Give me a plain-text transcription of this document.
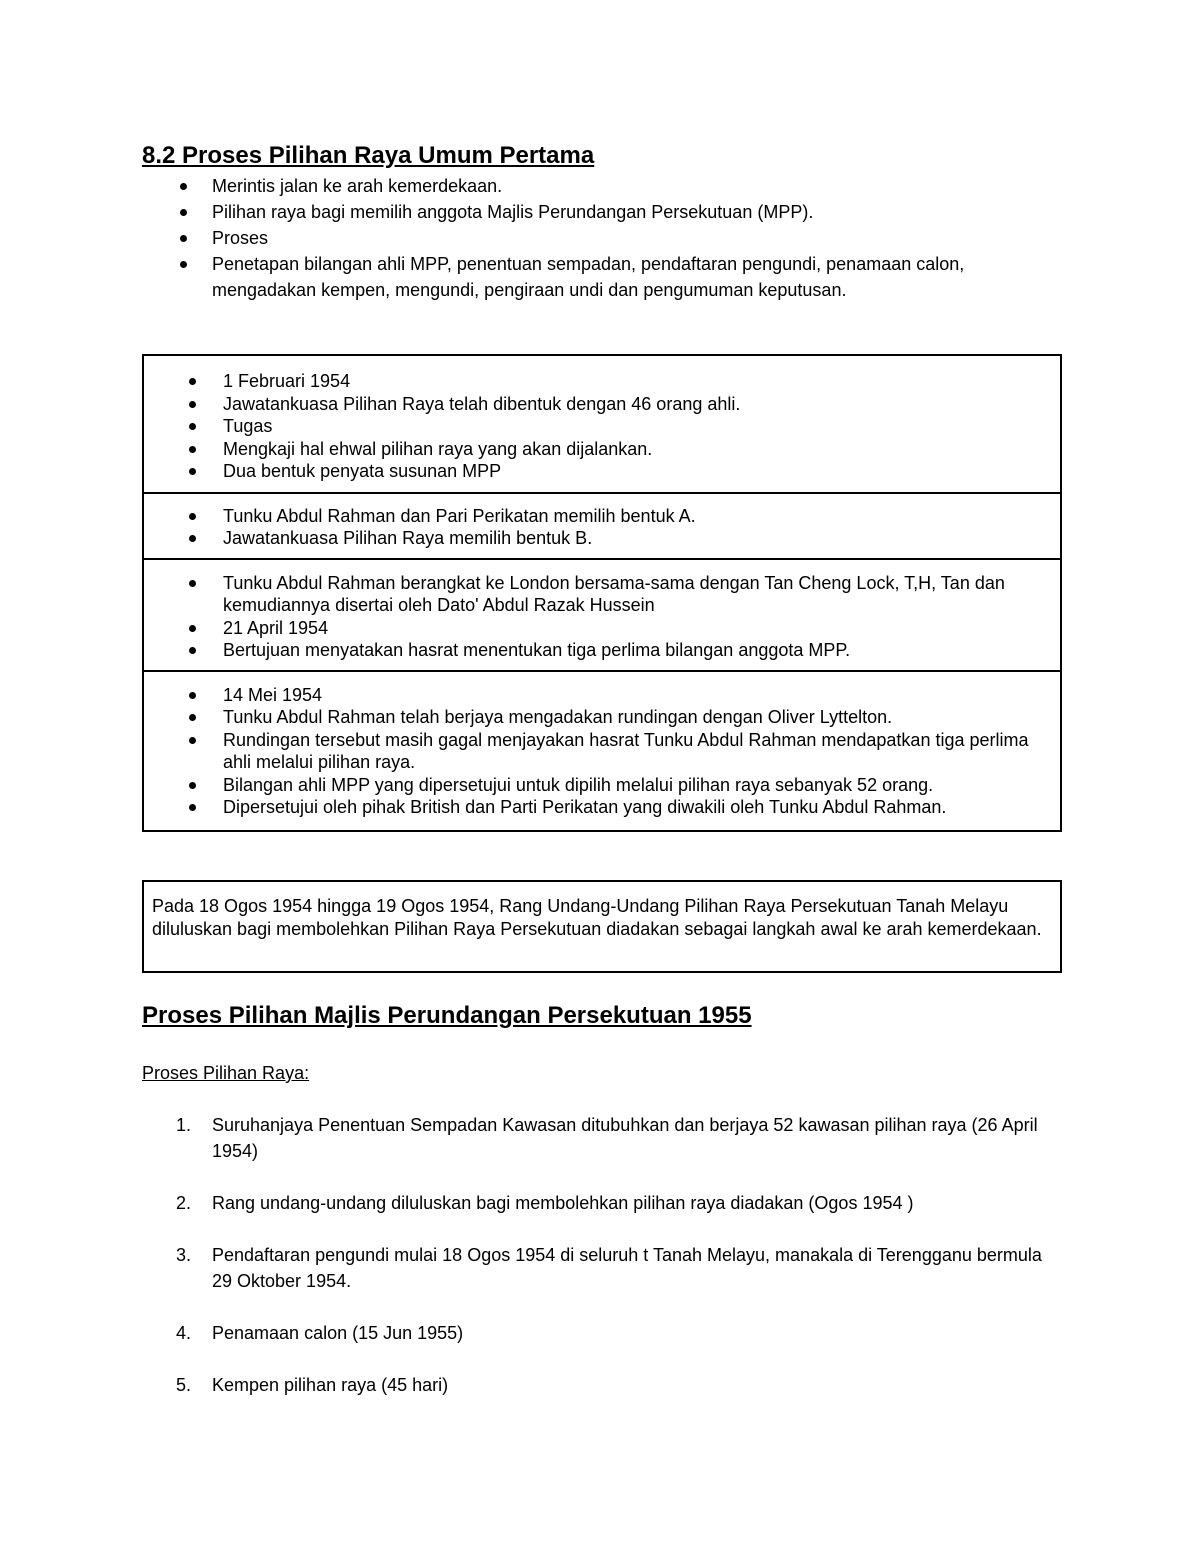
8.2 Proses Pilihan Raya Umum Pertama
Merintis jalan ke arah kemerdekaan.
Pilihan raya bagi memilih anggota Majlis Perundangan Persekutuan (MPP).
Proses
Penetapan bilangan ahli MPP, penentuan sempadan, pendaftaran pengundi, penamaan calon, mengadakan kempen, mengundi, pengiraan undi dan pengumuman keputusan.
1 Februari 1954
Jawatankuasa Pilihan Raya telah dibentuk dengan 46 orang ahli.
Tugas
Mengkaji hal ehwal pilihan raya yang akan dijalankan.
Dua bentuk penyata susunan MPP

Tunku Abdul Rahman dan Pari Perikatan memilih bentuk A.
Jawatankuasa Pilihan Raya memilih bentuk B.

Tunku Abdul Rahman berangkat ke London bersama-sama dengan Tan Cheng Lock, T,H, Tan dan kemudiannya disertai oleh Dato' Abdul Razak Hussein
21 April 1954
Bertujuan menyatakan hasrat menentukan tiga perlima bilangan anggota MPP.

14 Mei 1954
Tunku Abdul Rahman telah berjaya mengadakan rundingan dengan Oliver Lyttelton.
Rundingan tersebut masih gagal menjayakan hasrat Tunku Abdul Rahman mendapatkan tiga perlima ahli melalui pilihan raya.
Bilangan ahli MPP yang dipersetujui untuk dipilih melalui pilihan raya sebanyak 52 orang.
Dipersetujui oleh pihak British dan Parti Perikatan yang diwakili oleh Tunku Abdul Rahman.
Pada 18 Ogos 1954 hingga 19 Ogos 1954, Rang Undang-Undang Pilihan Raya Persekutuan Tanah Melayu diluluskan bagi membolehkan Pilihan Raya Persekutuan diadakan sebagai langkah awal ke arah kemerdekaan.
Proses Pilihan Majlis Perundangan Persekutuan 1955
Proses Pilihan Raya:
1. Suruhanjaya Penentuan Sempadan Kawasan ditubuhkan dan berjaya 52 kawasan pilihan raya (26 April 1954)
2. Rang undang-undang diluluskan bagi membolehkan pilihan raya diadakan (Ogos 1954 )
3. Pendaftaran pengundi mulai 18 Ogos 1954 di seluruh t Tanah Melayu, manakala di Terengganu bermula 29 Oktober 1954.
4. Penamaan calon (15 Jun 1955)
5. Kempen pilihan raya (45 hari)
